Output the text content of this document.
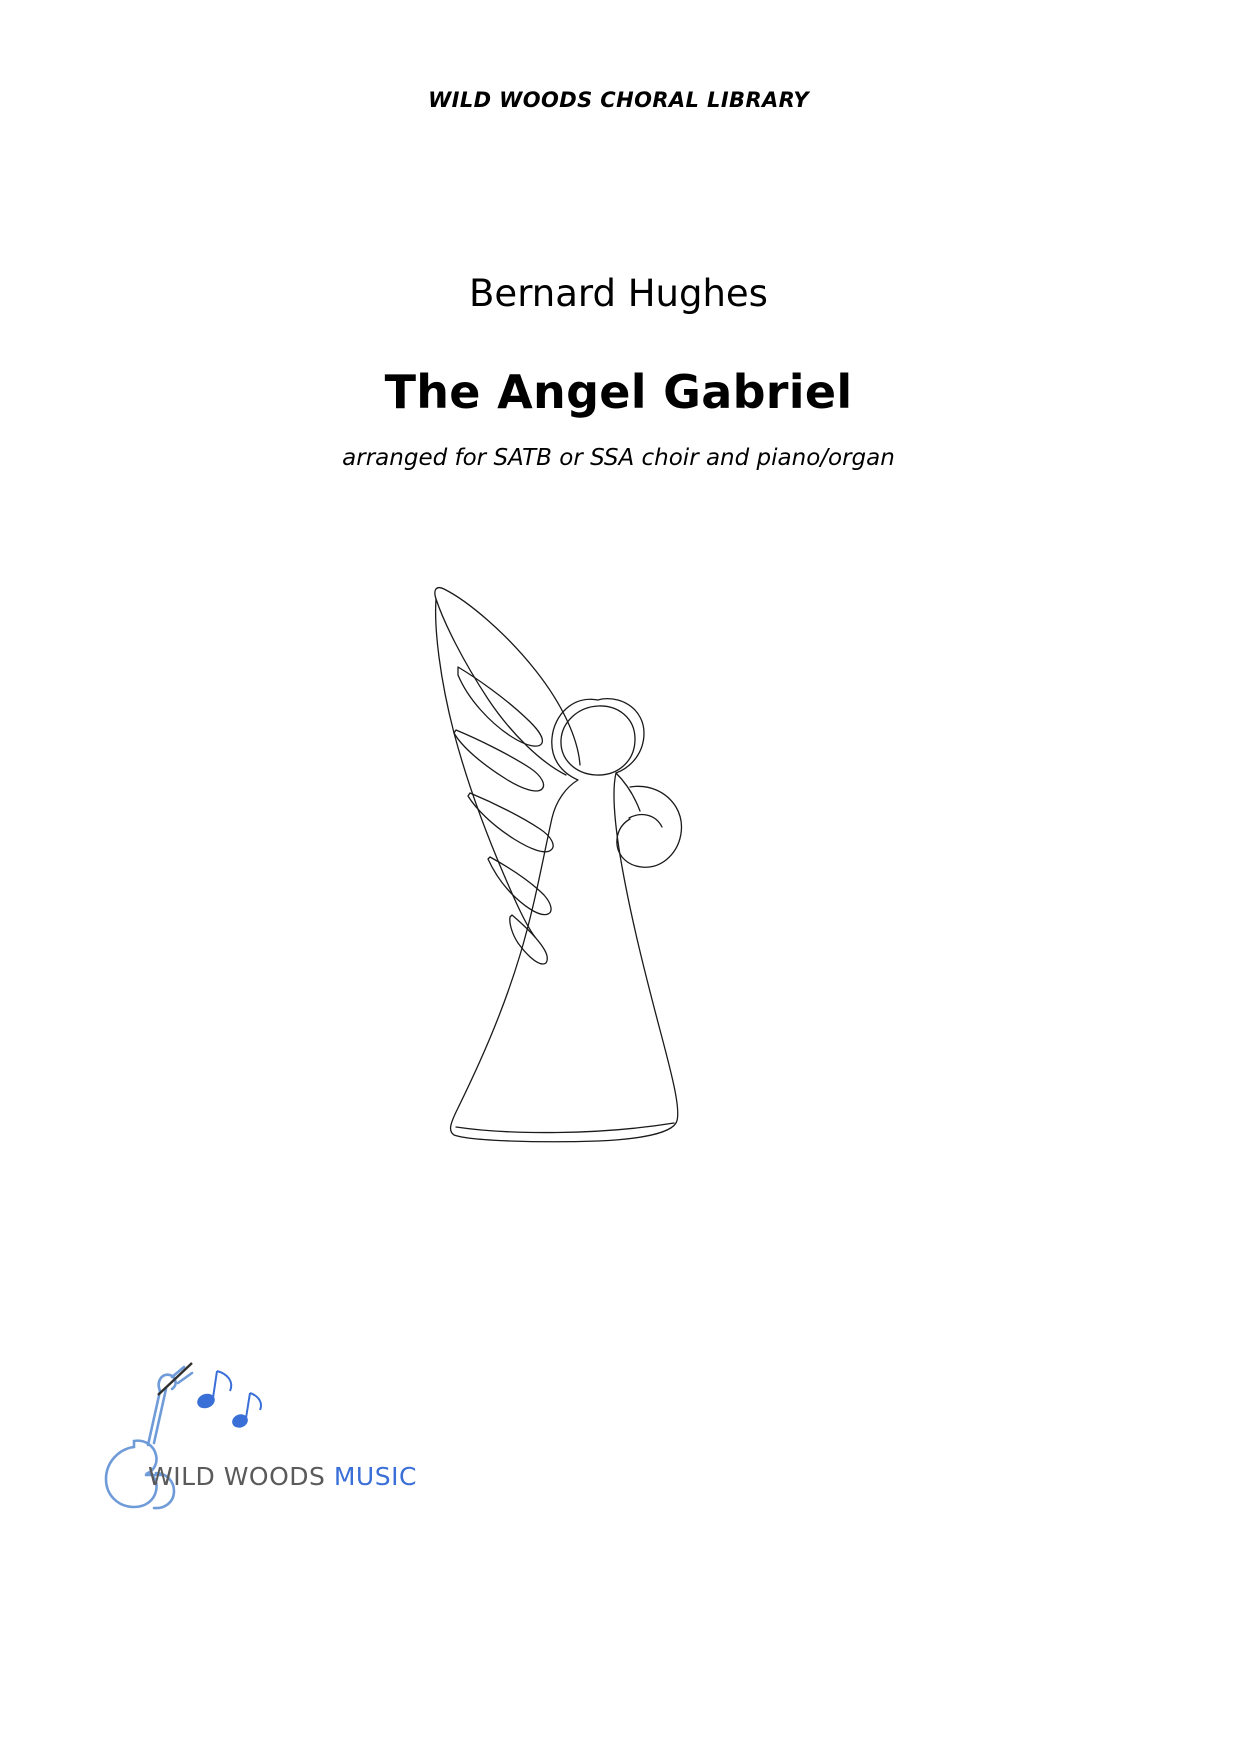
WILD WOODS CHORAL LIBRARY
Bernard Hughes
The Angel Gabriel
arranged for SATB or SSA choir and piano/organ
WILD WOODS MUSIC
